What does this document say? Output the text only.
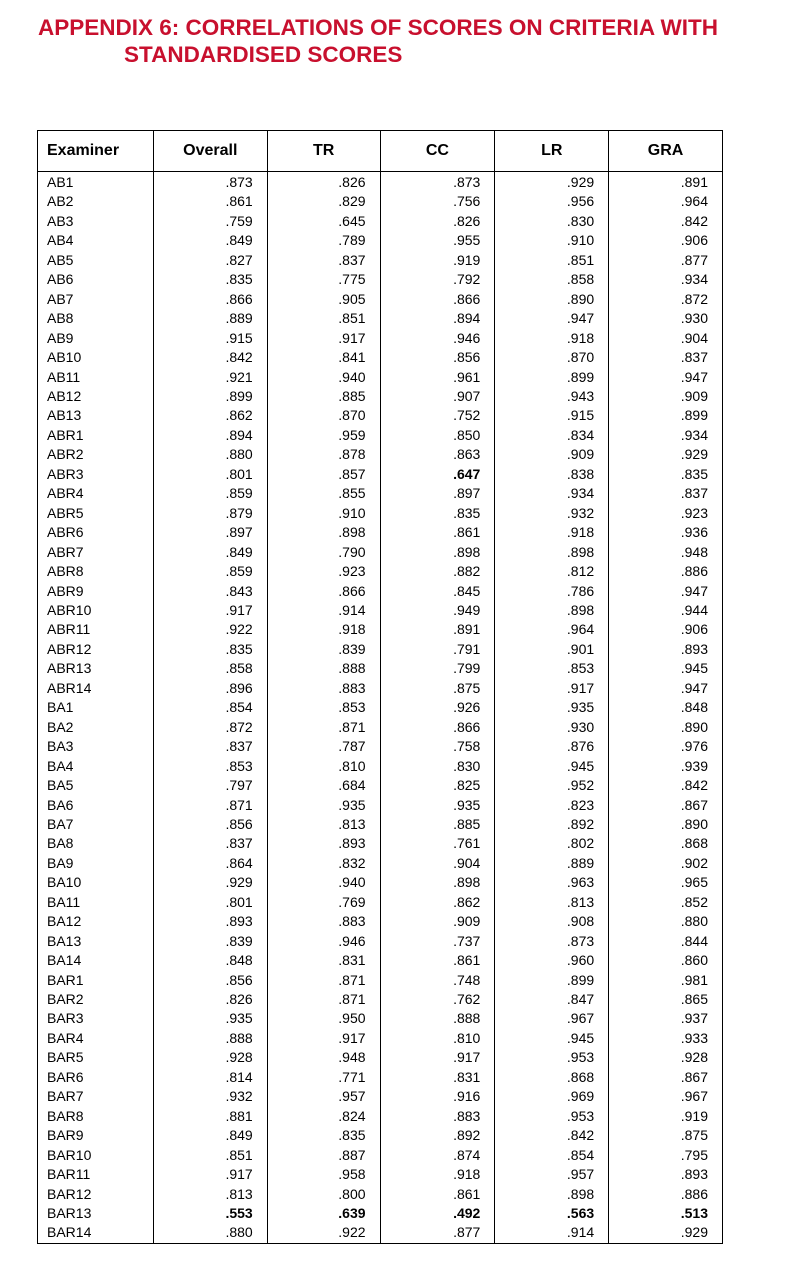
APPENDIX 6: CORRELATIONS OF SCORES ON CRITERIA WITH
STANDARDISED SCORES
Examiner	Overall	TR	CC	LR	GRA

AB1	.873	.826	.873	.929	.891
AB2	.861	.829	.756	.956	.964
AB3	.759	.645	.826	.830	.842
AB4	.849	.789	.955	.910	.906
AB5	.827	.837	.919	.851	.877
AB6	.835	.775	.792	.858	.934
AB7	.866	.905	.866	.890	.872
AB8	.889	.851	.894	.947	.930
AB9	.915	.917	.946	.918	.904
AB10	.842	.841	.856	.870	.837
AB11	.921	.940	.961	.899	.947
AB12	.899	.885	.907	.943	.909
AB13	.862	.870	.752	.915	.899
ABR1	.894	.959	.850	.834	.934
ABR2	.880	.878	.863	.909	.929
ABR3	.801	.857	.647	.838	.835
ABR4	.859	.855	.897	.934	.837
ABR5	.879	.910	.835	.932	.923
ABR6	.897	.898	.861	.918	.936
ABR7	.849	.790	.898	.898	.948
ABR8	.859	.923	.882	.812	.886
ABR9	.843	.866	.845	.786	.947
ABR10	.917	.914	.949	.898	.944
ABR11	.922	.918	.891	.964	.906
ABR12	.835	.839	.791	.901	.893
ABR13	.858	.888	.799	.853	.945
ABR14	.896	.883	.875	.917	.947
BA1	.854	.853	.926	.935	.848
BA2	.872	.871	.866	.930	.890
BA3	.837	.787	.758	.876	.976
BA4	.853	.810	.830	.945	.939
BA5	.797	.684	.825	.952	.842
BA6	.871	.935	.935	.823	.867
BA7	.856	.813	.885	.892	.890
BA8	.837	.893	.761	.802	.868
BA9	.864	.832	.904	.889	.902
BA10	.929	.940	.898	.963	.965
BA11	.801	.769	.862	.813	.852
BA12	.893	.883	.909	.908	.880
BA13	.839	.946	.737	.873	.844
BA14	.848	.831	.861	.960	.860
BAR1	.856	.871	.748	.899	.981
BAR2	.826	.871	.762	.847	.865
BAR3	.935	.950	.888	.967	.937
BAR4	.888	.917	.810	.945	.933
BAR5	.928	.948	.917	.953	.928
BAR6	.814	.771	.831	.868	.867
BAR7	.932	.957	.916	.969	.967
BAR8	.881	.824	.883	.953	.919
BAR9	.849	.835	.892	.842	.875
BAR10	.851	.887	.874	.854	.795
BAR11	.917	.958	.918	.957	.893
BAR12	.813	.800	.861	.898	.886
BAR13	.553	.639	.492	.563	.513
BAR14	.880	.922	.877	.914	.929
